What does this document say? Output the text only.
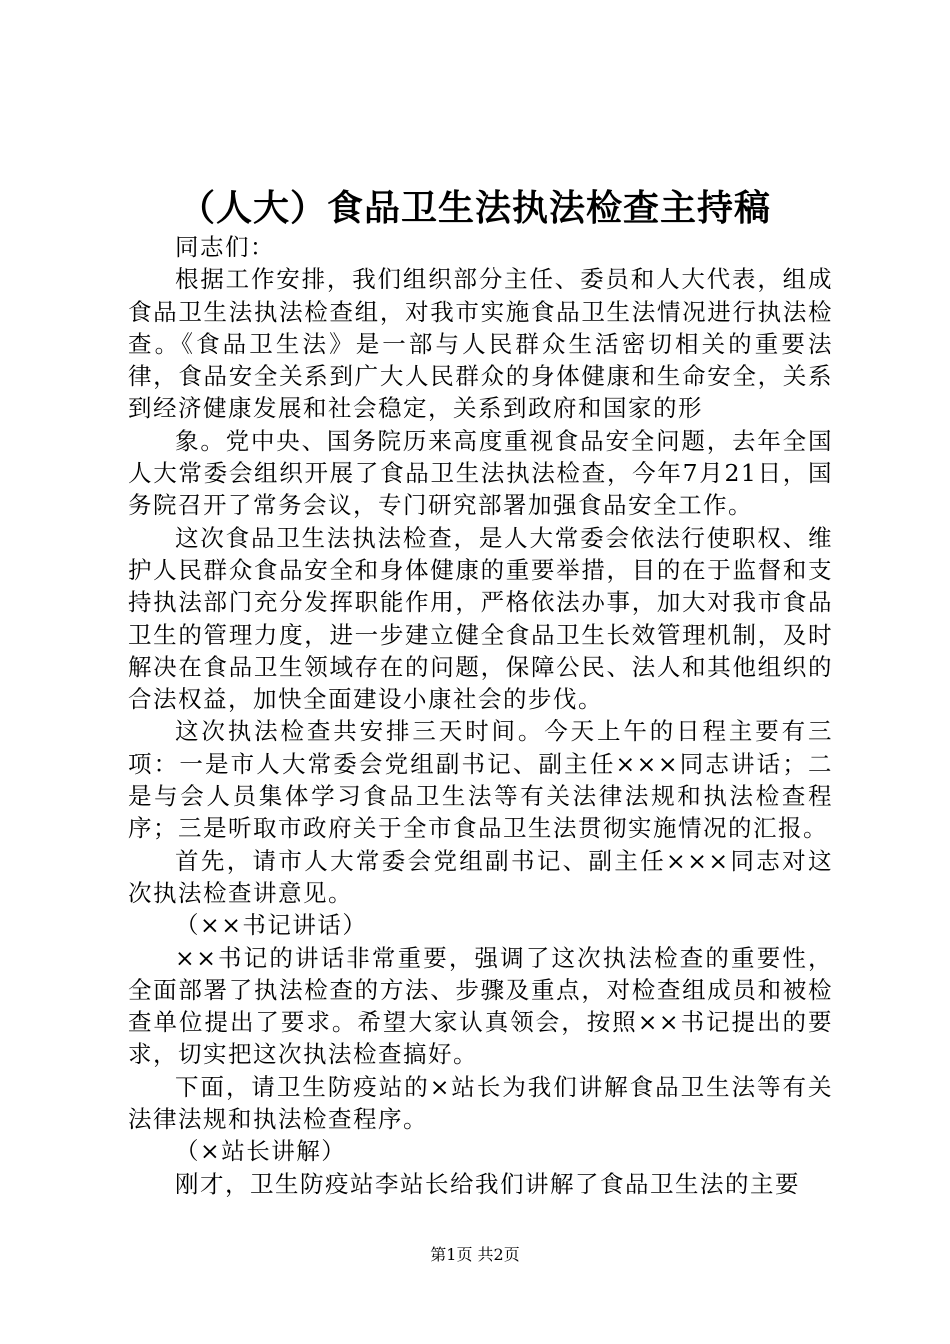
（人大）食品卫生法执法检查主持稿

同志们：

根据工作安排，我们组织部分主任、委员和人大代表，组成食品卫生法执法检查组，对我市实施食品卫生法情况进行执法检查。《食品卫生法》是一部与人民群众生活密切相关的重要法律，食品安全关系到广大人民群众的身体健康和生命安全，关系到经济健康发展和社会稳定，关系到政府和国家的形

象。党中央、国务院历来高度重视食品安全问题，去年全国人大常委会组织开展了食品卫生法执法检查，今年7月21日，国务院召开了常务会议，专门研究部署加强食品安全工作。

这次食品卫生法执法检查，是人大常委会依法行使职权、维护人民群众食品安全和身体健康的重要举措，目的在于监督和支持执法部门充分发挥职能作用，严格依法办事，加大对我市食品卫生的管理力度，进一步建立健全食品卫生长效管理机制，及时解决在食品卫生领域存在的问题，保障公民、法人和其他组织的合法权益，加快全面建设小康社会的步伐。

这次执法检查共安排三天时间。今天上午的日程主要有三项：一是市人大常委会党组副书记、副主任×××同志讲话；二是与会人员集体学习食品卫生法等有关法律法规和执法检查程序；三是听取市政府关于全市食品卫生法贯彻实施情况的汇报。

首先，请市人大常委会党组副书记、副主任×××同志对这次执法检查讲意见。

（××书记讲话）

××书记的讲话非常重要，强调了这次执法检查的重要性，全面部署了执法检查的方法、步骤及重点，对检查组成员和被检查单位提出了要求。希望大家认真领会，按照××书记提出的要求，切实把这次执法检查搞好。

下面，请卫生防疫站的×站长为我们讲解食品卫生法等有关法律法规和执法检查程序。

（×站长讲解）

刚才，卫生防疫站李站长给我们讲解了食品卫生法的主要

第1页 共2页
